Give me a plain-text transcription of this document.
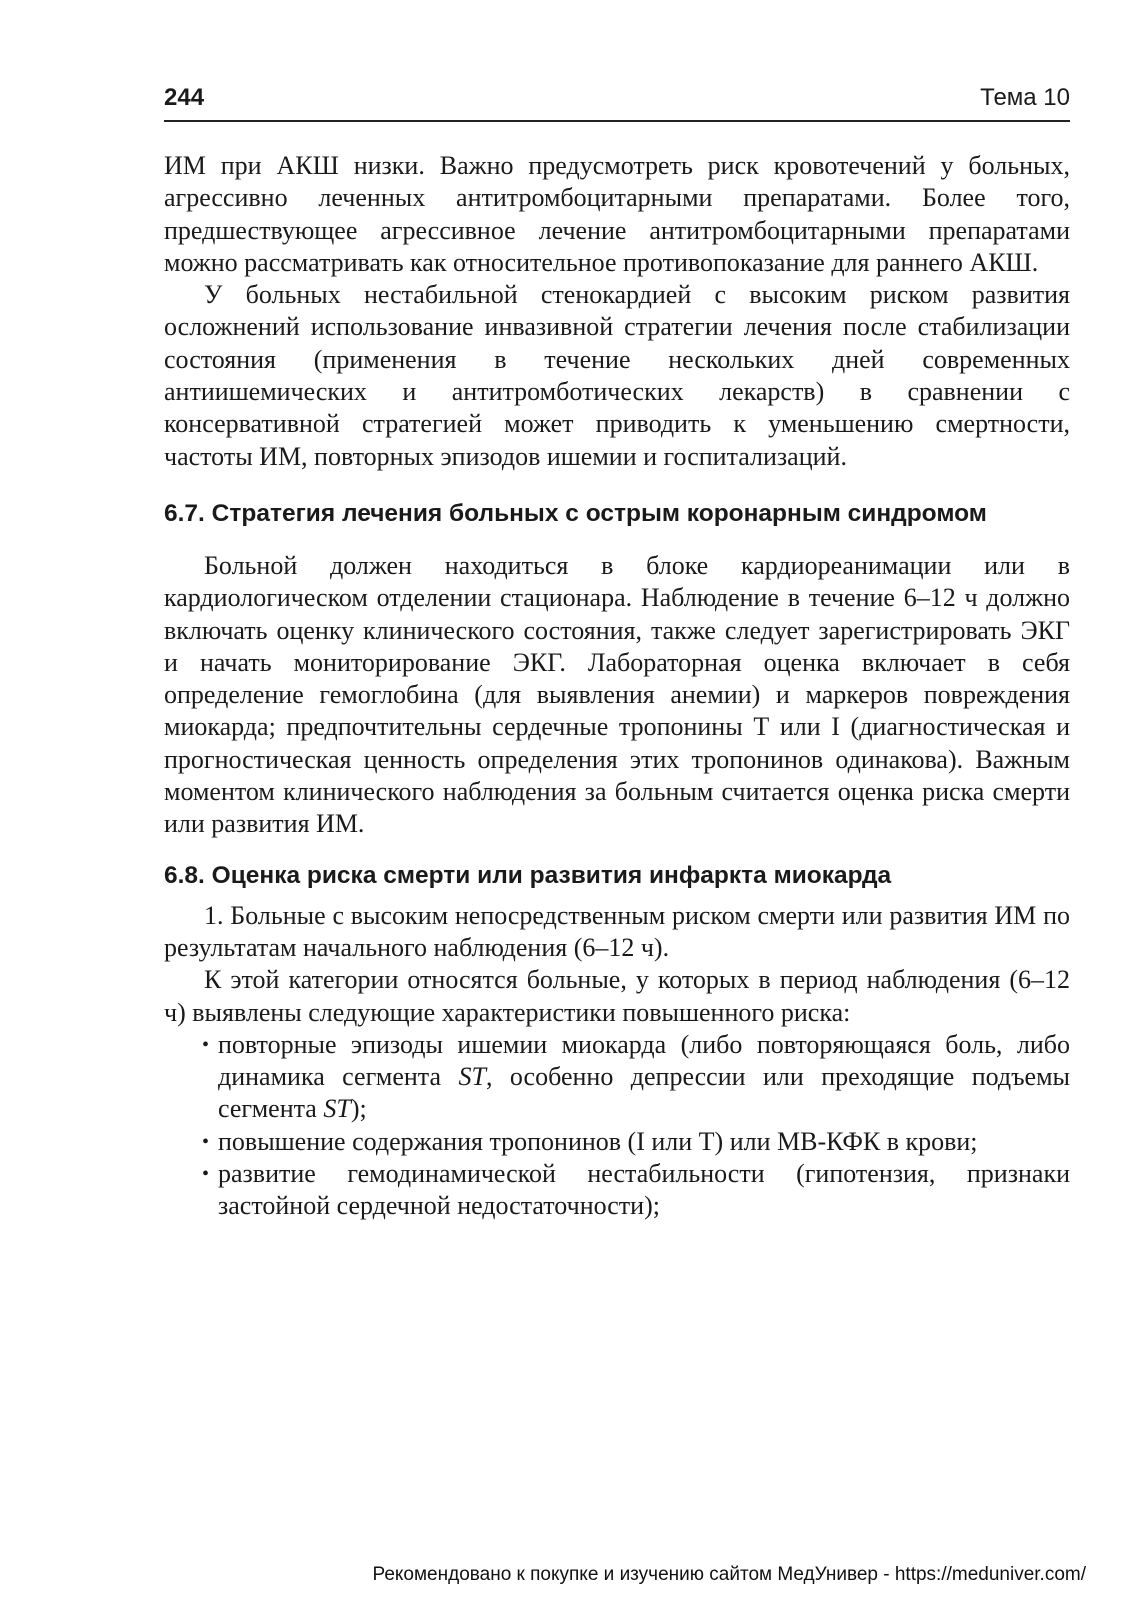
244	Тема 10

ИМ при АКШ низки. Важно предусмотреть риск кровотечений у больных, агрессивно леченных антитромбоцитарными препаратами. Более того, предшествующее агрессивное лечение антитромбоцитарными препаратами можно рассматривать как относительное противопоказание для раннего АКШ.

У больных нестабильной стенокардией с высоким риском развития осложнений использование инвазивной стратегии лечения после стабилизации состояния (применения в течение нескольких дней современных антиишемических и антитромботических лекарств) в сравнении с консервативной стратегией может приводить к уменьшению смертности, частоты ИМ, повторных эпизодов ишемии и госпитализаций.

6.7. Стратегия лечения больных с острым коронарным синдромом

Больной должен находиться в блоке кардиореанимации или в кардиологическом отделении стационара. Наблюдение в течение 6–12 ч должно включать оценку клинического состояния, также следует зарегистрировать ЭКГ и начать мониторирование ЭКГ. Лабораторная оценка включает в себя определение гемоглобина (для выявления анемии) и маркеров повреждения миокарда; предпочтительны сердечные тропонины Т или I (диагностическая и прогностическая ценность определения этих тропонинов одинакова). Важным моментом клинического наблюдения за больным считается оценка риска смерти или развития ИМ.

6.8. Оценка риска смерти или развития инфаркта миокарда

1. Больные с высоким непосредственным риском смерти или развития ИМ по результатам начального наблюдения (6–12 ч).

К этой категории относятся больные, у которых в период наблюдения (6–12 ч) выявлены следующие характеристики повышенного риска:

• повторные эпизоды ишемии миокарда (либо повторяющаяся боль, либо динамика сегмента ST, особенно депрессии или преходящие подъемы сегмента ST);
• повышение содержания тропонинов (I или Т) или МВ-КФК в крови;
• развитие гемодинамической нестабильности (гипотензия, признаки застойной сердечной недостаточности);
Рекомендовано к покупке и изучению сайтом МедУнивер - https://meduniver.com/
